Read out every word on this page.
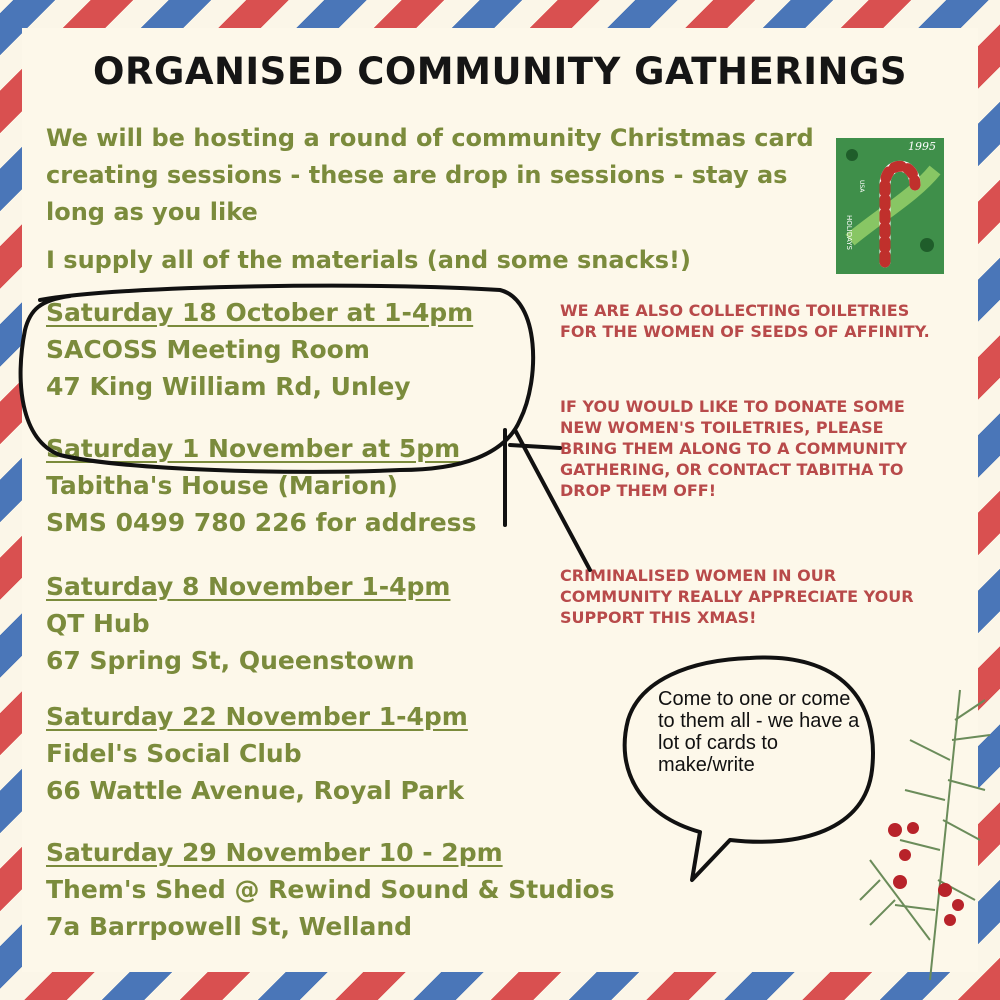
ORGANISED COMMUNITY GATHERINGS

We will be hosting a round of community Christmas card creating sessions - these are drop in sessions - stay as long as you like

I supply all of the materials (and some snacks!)

Saturday 18 October at 1-4pm
SACOSS Meeting Room
47 King William Rd, Unley
Saturday 1 November at 5pm
Tabitha's House (Marion)
SMS 0499 780 226 for address
Saturday 8 November 1-4pm
QT Hub
67 Spring St, Queenstown
Saturday 22 November 1-4pm
Fidel's Social Club
66 Wattle Avenue, Royal Park
Saturday 29 November 10 - 2pm
Them's Shed @ Rewind Sound & Studios
7a Barrpowell St, Welland

WE ARE ALSO COLLECTING TOILETRIES FOR THE WOMEN OF SEEDS OF AFFINITY.

IF YOU WOULD LIKE TO DONATE SOME NEW WOMEN'S TOILETRIES, PLEASE BRING THEM ALONG TO A COMMUNITY GATHERING, OR CONTACT TABITHA TO DROP THEM OFF!

CRIMINALISED WOMEN IN OUR COMMUNITY REALLY APPRECIATE YOUR SUPPORT THIS XMAS!

1995
HOLIDAYS
USA
Come to one or come to them all - we have a lot of cards to make/write
